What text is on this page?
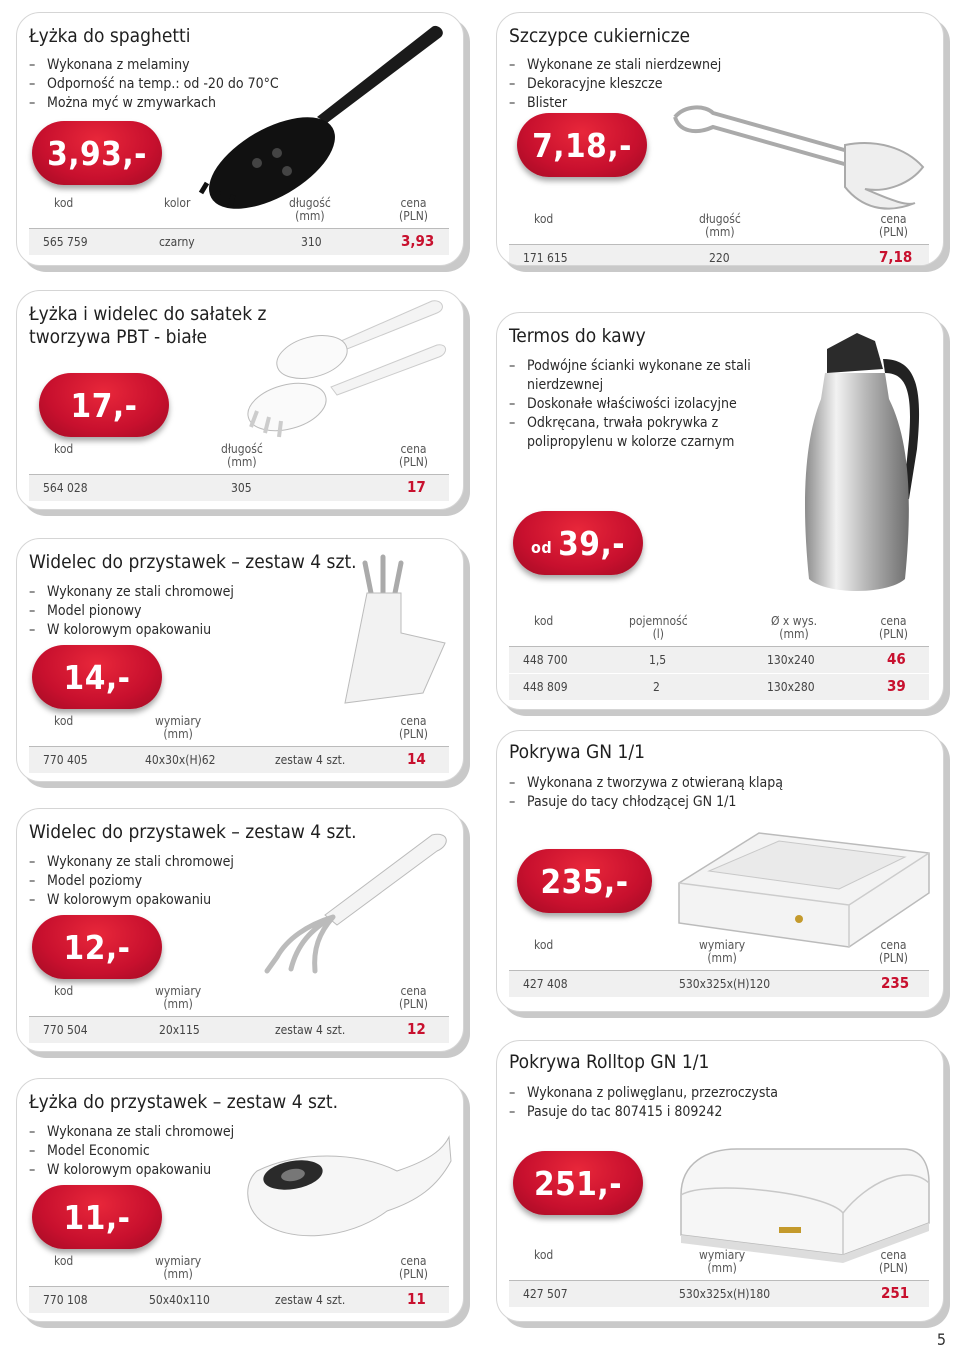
Łyżka do spaghetti
– Wykonana z melaminy
– Odporność na temp.: od -20 do 70°C
– Można myć w zmywarkach
3,93,-
kod	kolor	długość
(mm)
cena
(PLN)
565 759	czarny	310	3,93
Łyżka i widelec do sałatek z tworzywa PBT - białe
17,-
kod	długość
(mm)
cena
(PLN)
564 028	305	17
Widelec do przystawek – zestaw 4 szt.
– Wykonany ze stali chromowej
– Model pionowy
– W kolorowym opakowaniu
14,-
kod	wymiary
(mm)
cena
(PLN)
770 405	40x30x(H)62	zestaw 4 szt.	14
Widelec do przystawek – zestaw 4 szt.
– Wykonany ze stali chromowej
– Model poziomy
– W kolorowym opakowaniu
12,-
kod	wymiary
(mm)
cena
(PLN)
770 504	20x115	zestaw 4 szt.	12
Łyżka do przystawek – zestaw 4 szt.
– Wykonana ze stali chromowej
– Model Economic
– W kolorowym opakowaniu
11,-
kod	wymiary
(mm)
cena
(PLN)
770 108	50x40x110	zestaw 4 szt.	11
Szczypce cukiernicze
– Wykonane ze stali nierdzewnej
– Dekoracyjne kleszcze
– Blister
7,18,-
kod	długość
(mm)
cena
(PLN)
171 615	220	7,18
Termos do kawy
– Podwójne ścianki wykonane ze stali nierdzewnej
– Doskonałe właściwości izolacyjne
– Odkręcana, trwała pokrywka z polipropylenu w kolorze czarnym
od 39,-
kod	pojemność
(l)
Ø x wys.
(mm)
cena
(PLN)
448 700	1,5	130x240	46
448 809	2	130x280	39
Pokrywa GN 1/1
– Wykonana z tworzywa z otwieraną klapą
– Pasuje do tacy chłodzącej GN 1/1
235,-
kod	wymiary
(mm)
cena
(PLN)
427 408	530x325x(H)120	235
Pokrywa Rolltop GN 1/1
– Wykonana z poliwęglanu, przezroczysta
– Pasuje do tac 807415 i 809242
251,-
kod	wymiary
(mm)
cena
(PLN)
427 507	530x325x(H)180	251
5
